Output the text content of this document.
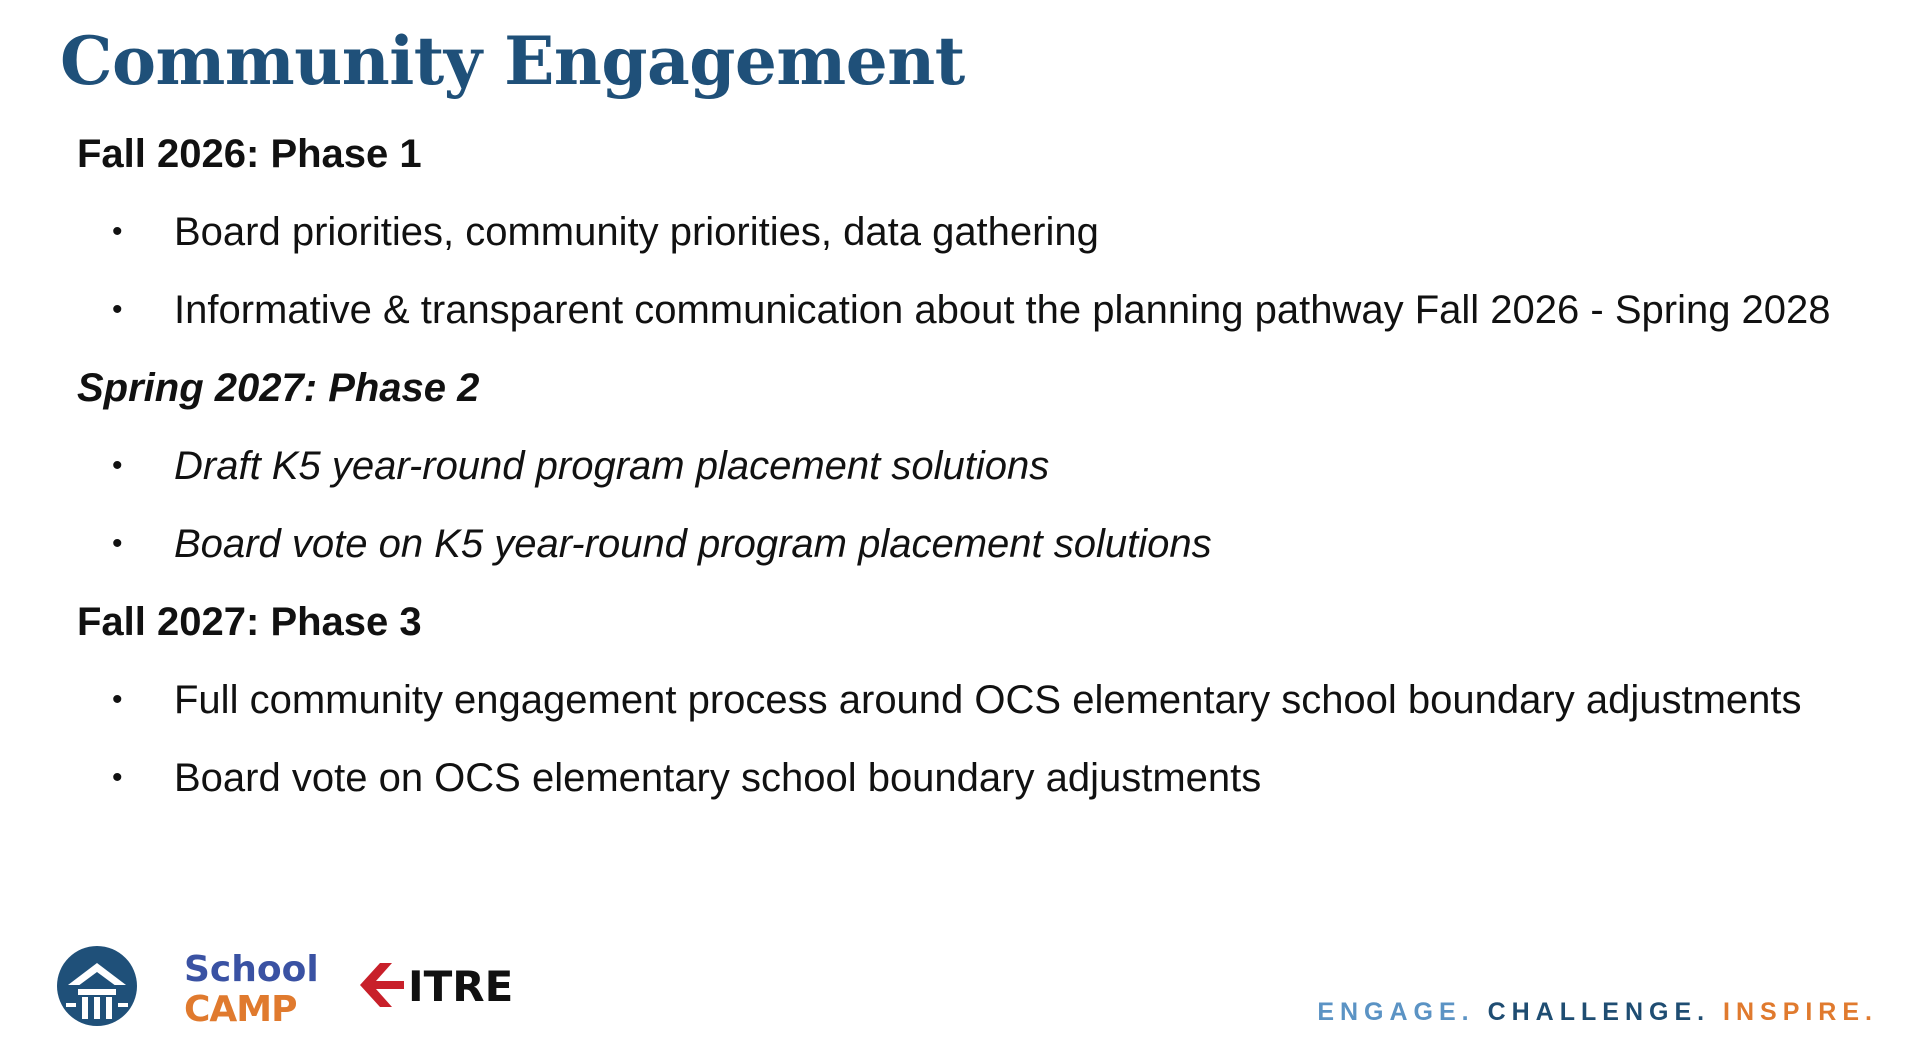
Community Engagement

Fall 2026: Phase 1

• Board priorities, community priorities, data gathering
• Informative & transparent communication about the planning pathway Fall 2026 - Spring 2028

Spring 2027: Phase 2

• Draft K5 year-round program placement solutions
• Board vote on K5 year-round program placement solutions

Fall 2027: Phase 3

• Full community engagement process around OCS elementary school boundary adjustments
• Board vote on OCS elementary school boundary adjustments
School
CAMP	ITRE
ENGAGE. CHALLENGE. INSPIRE.
